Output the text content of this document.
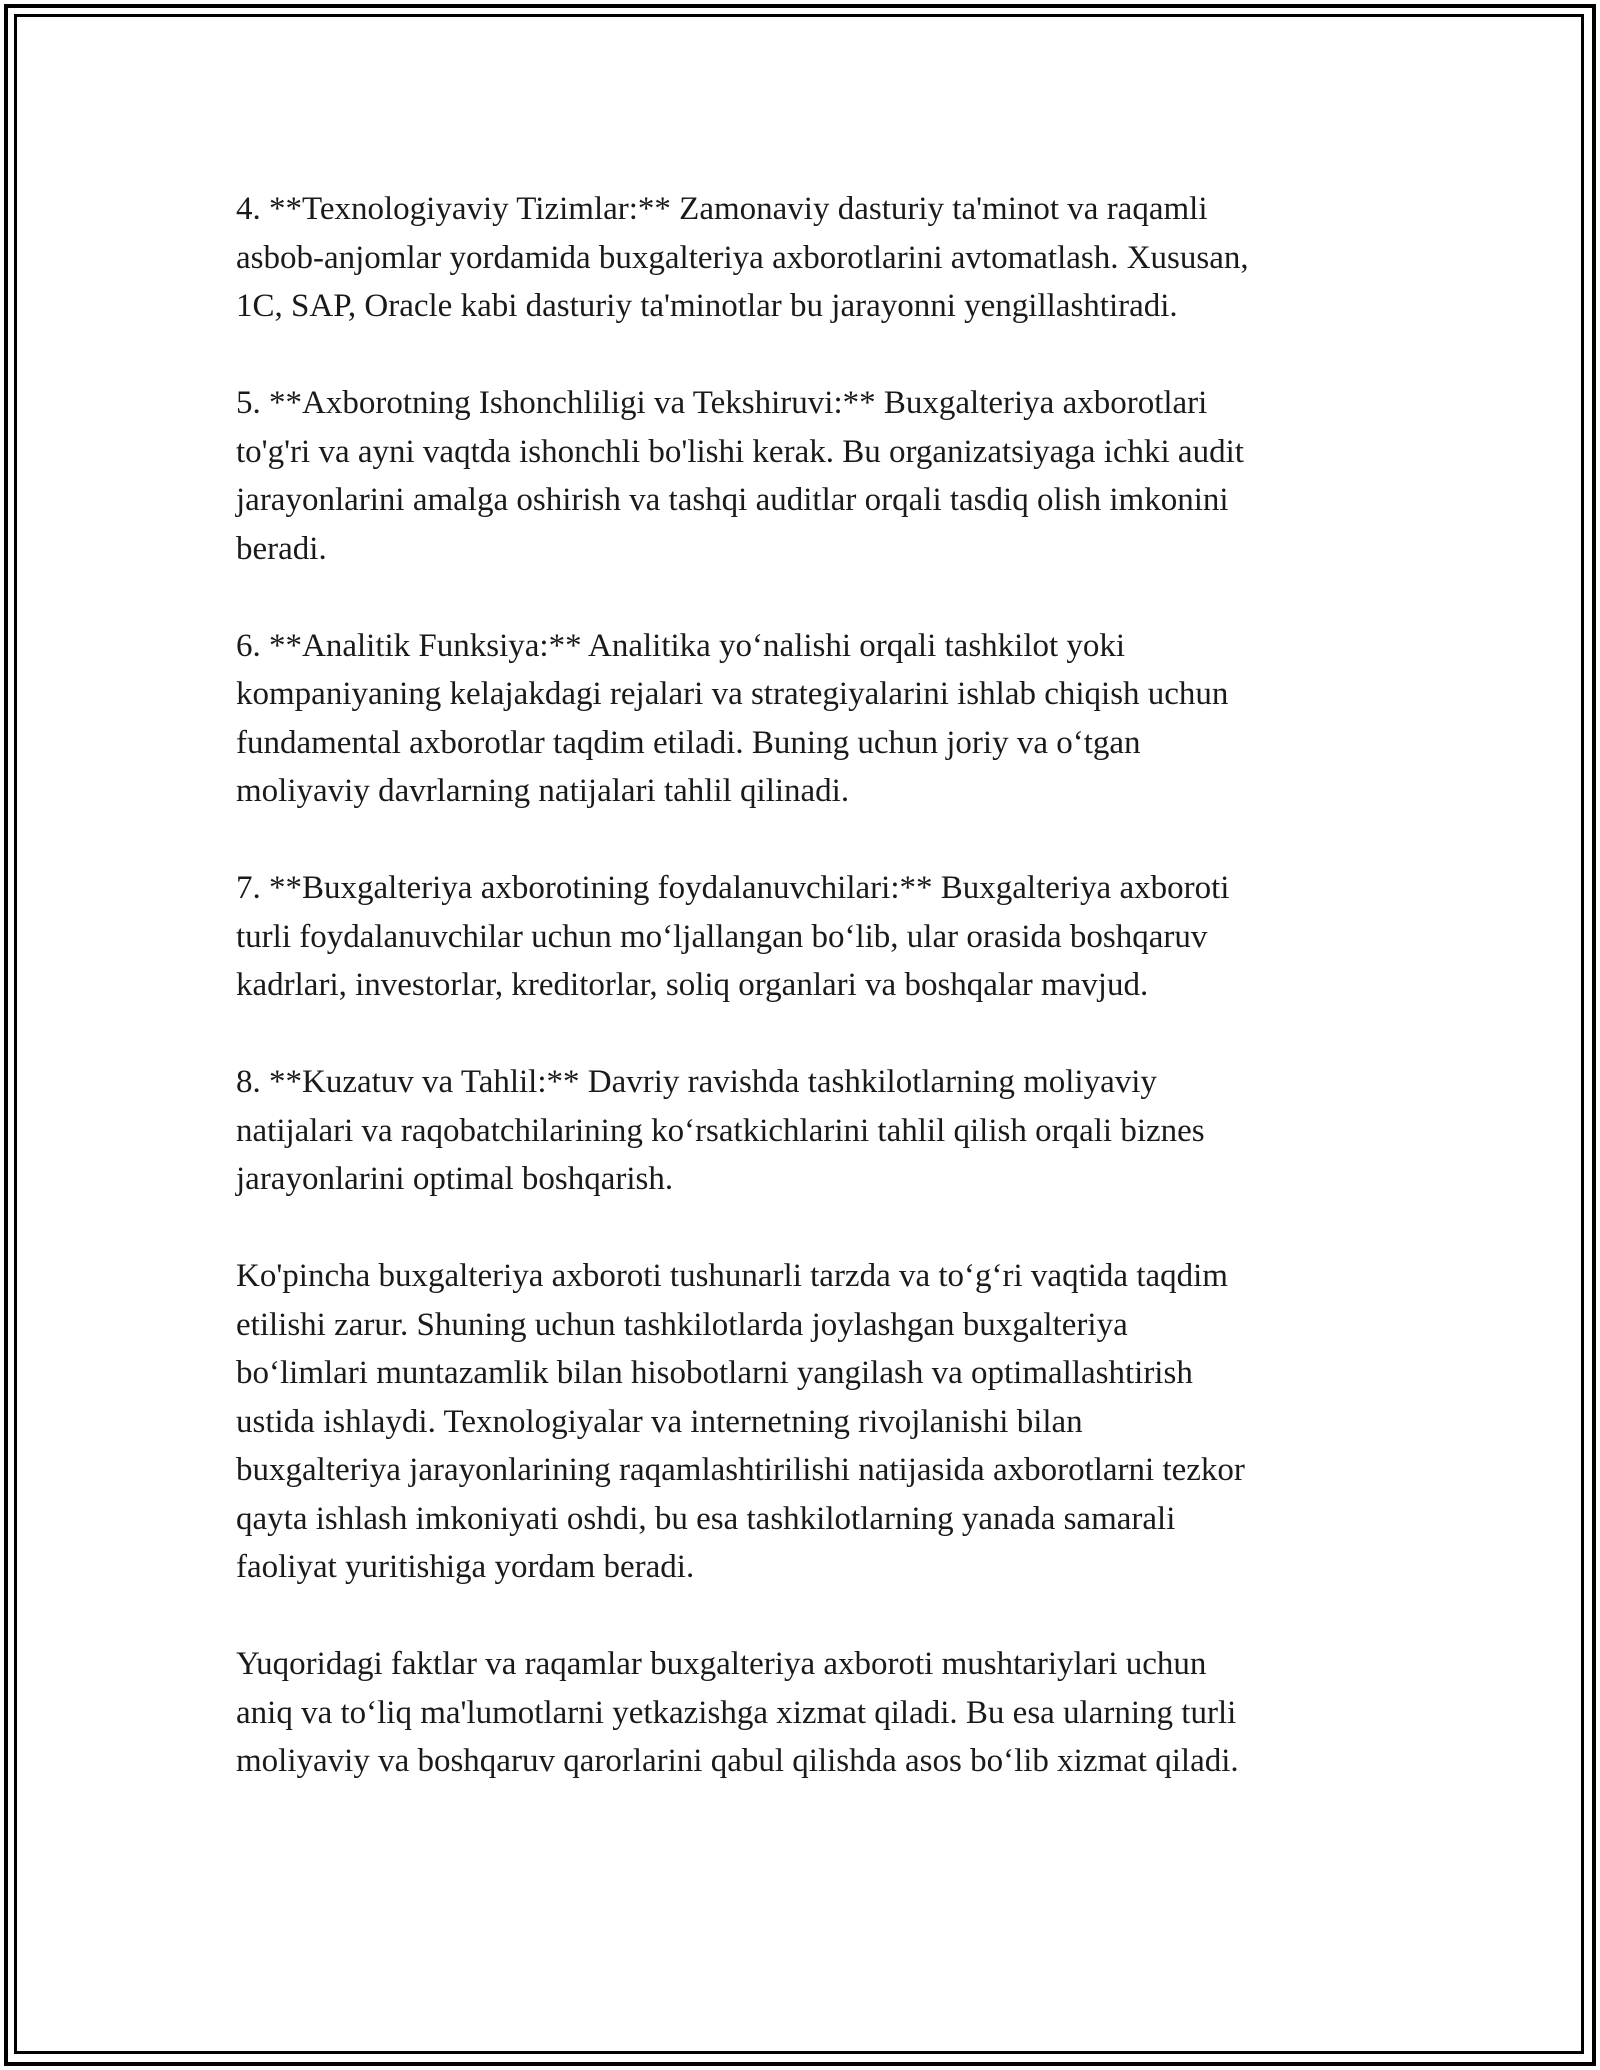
4. **Texnologiyaviy Tizimlar:** Zamonaviy dasturiy ta'minot va raqamli
asbob-anjomlar yordamida buxgalteriya axborotlarini avtomatlash. Xususan,
1C, SAP, Oracle kabi dasturiy ta'minotlar bu jarayonni yengillashtiradi.

5. **Axborotning Ishonchliligi va Tekshiruvi:** Buxgalteriya axborotlari
to'g'ri va ayni vaqtda ishonchli bo'lishi kerak. Bu organizatsiyaga ichki audit
jarayonlarini amalga oshirish va tashqi auditlar orqali tasdiq olish imkonini
beradi.

6. **Analitik Funksiya:** Analitika yo‘nalishi orqali tashkilot yoki
kompaniyaning kelajakdagi rejalari va strategiyalarini ishlab chiqish uchun
fundamental axborotlar taqdim etiladi. Buning uchun joriy va o‘tgan
moliyaviy davrlarning natijalari tahlil qilinadi.

7. **Buxgalteriya axborotining foydalanuvchilari:** Buxgalteriya axboroti
turli foydalanuvchilar uchun mo‘ljallangan bo‘lib, ular orasida boshqaruv
kadrlari, investorlar, kreditorlar, soliq organlari va boshqalar mavjud.

8. **Kuzatuv va Tahlil:** Davriy ravishda tashkilotlarning moliyaviy
natijalari va raqobatchilarining ko‘rsatkichlarini tahlil qilish orqali biznes
jarayonlarini optimal boshqarish.

Ko'pincha buxgalteriya axboroti tushunarli tarzda va to‘g‘ri vaqtida taqdim
etilishi zarur. Shuning uchun tashkilotlarda joylashgan buxgalteriya
bo‘limlari muntazamlik bilan hisobotlarni yangilash va optimallashtirish
ustida ishlaydi. Texnologiyalar va internetning rivojlanishi bilan
buxgalteriya jarayonlarining raqamlashtirilishi natijasida axborotlarni tezkor
qayta ishlash imkoniyati oshdi, bu esa tashkilotlarning yanada samarali
faoliyat yuritishiga yordam beradi.

Yuqoridagi faktlar va raqamlar buxgalteriya axboroti mushtariylari uchun
aniq va to‘liq ma'lumotlarni yetkazishga xizmat qiladi. Bu esa ularning turli
moliyaviy va boshqaruv qarorlarini qabul qilishda asos bo‘lib xizmat qiladi.
